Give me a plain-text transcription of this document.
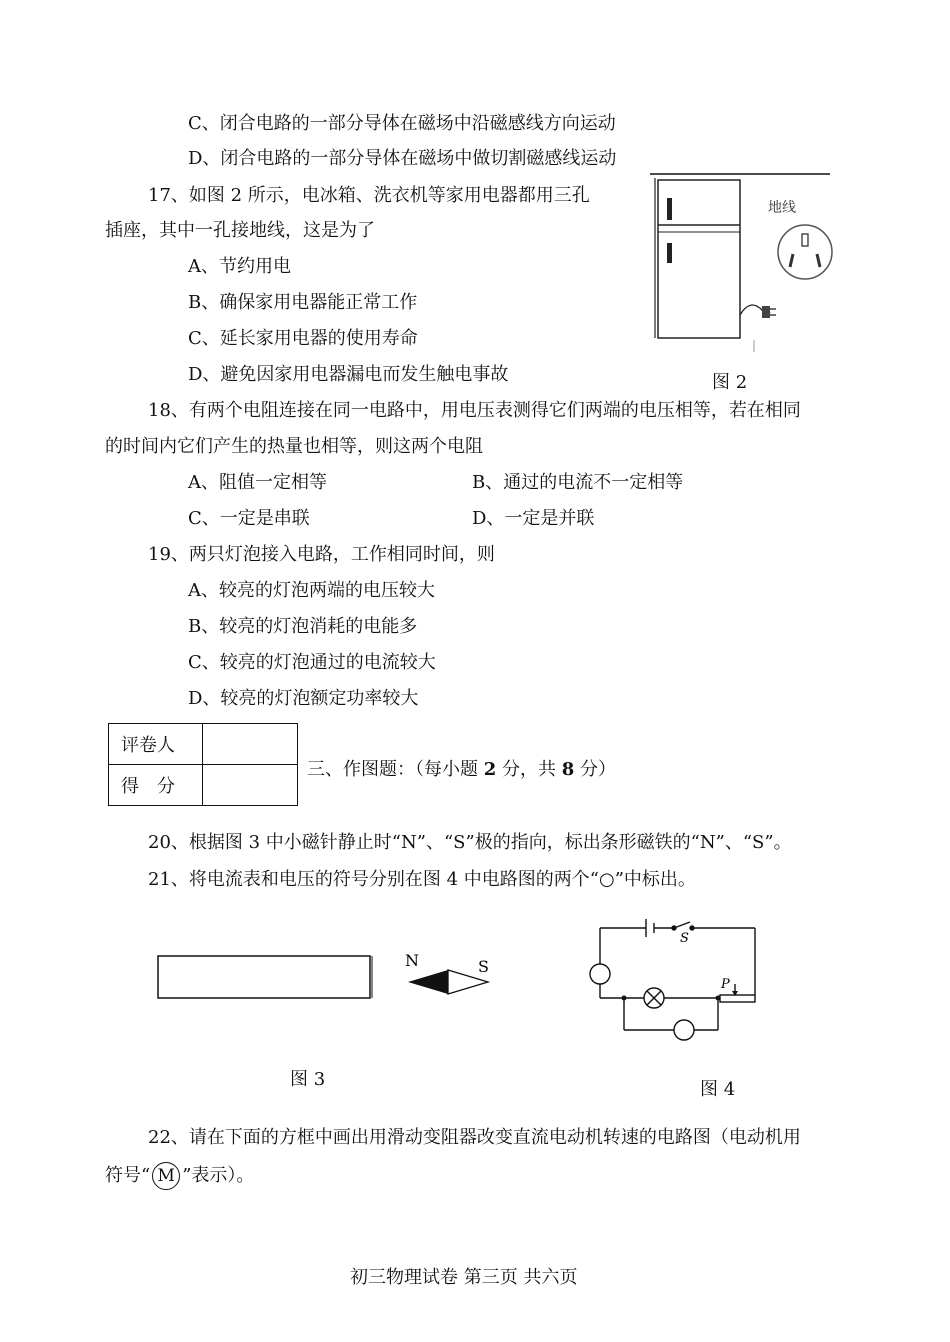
C、闭合电路的一部分导体在磁场中沿磁感线方向运动
D、闭合电路的一部分导体在磁场中做切割磁感线运动
17、如图 2 所示，电冰箱、洗衣机等家用电器都用三孔
插座，其中一孔接地线，这是为了
A、节约用电
B、确保家用电器能正常工作
C、延长家用电器的使用寿命
D、避免因家用电器漏电而发生触电事故
地线
图 2
18、有两个电阻连接在同一电路中，用电压表测得它们两端的电压相等，若在相同
的时间内它们产生的热量也相等，则这两个电阻
A、阻值一定相等	B、通过的电流不一定相等
C、一定是串联	D、一定是并联
19、两只灯泡接入电路，工作相同时间，则
A、较亮的灯泡两端的电压较大
B、较亮的灯泡消耗的电能多
C、较亮的灯泡通过的电流较大
D、较亮的灯泡额定功率较大
评卷人	
得　分	
三、作图题：（每小题 2 分，共 8 分）
20、根据图 3 中小磁针静止时“N”、“S”极的指向，标出条形磁铁的“N”、“S”。
21、将电流表和电压的符号分别在图 4 中电路图的两个“○”中标出。
N	S
图 3
S
P
图 4
22、请在下面的方框中画出用滑动变阻器改变直流电动机转速的电路图（电动机用
符号“ M ”表示）。
初三物理试卷 第三页 共六页
